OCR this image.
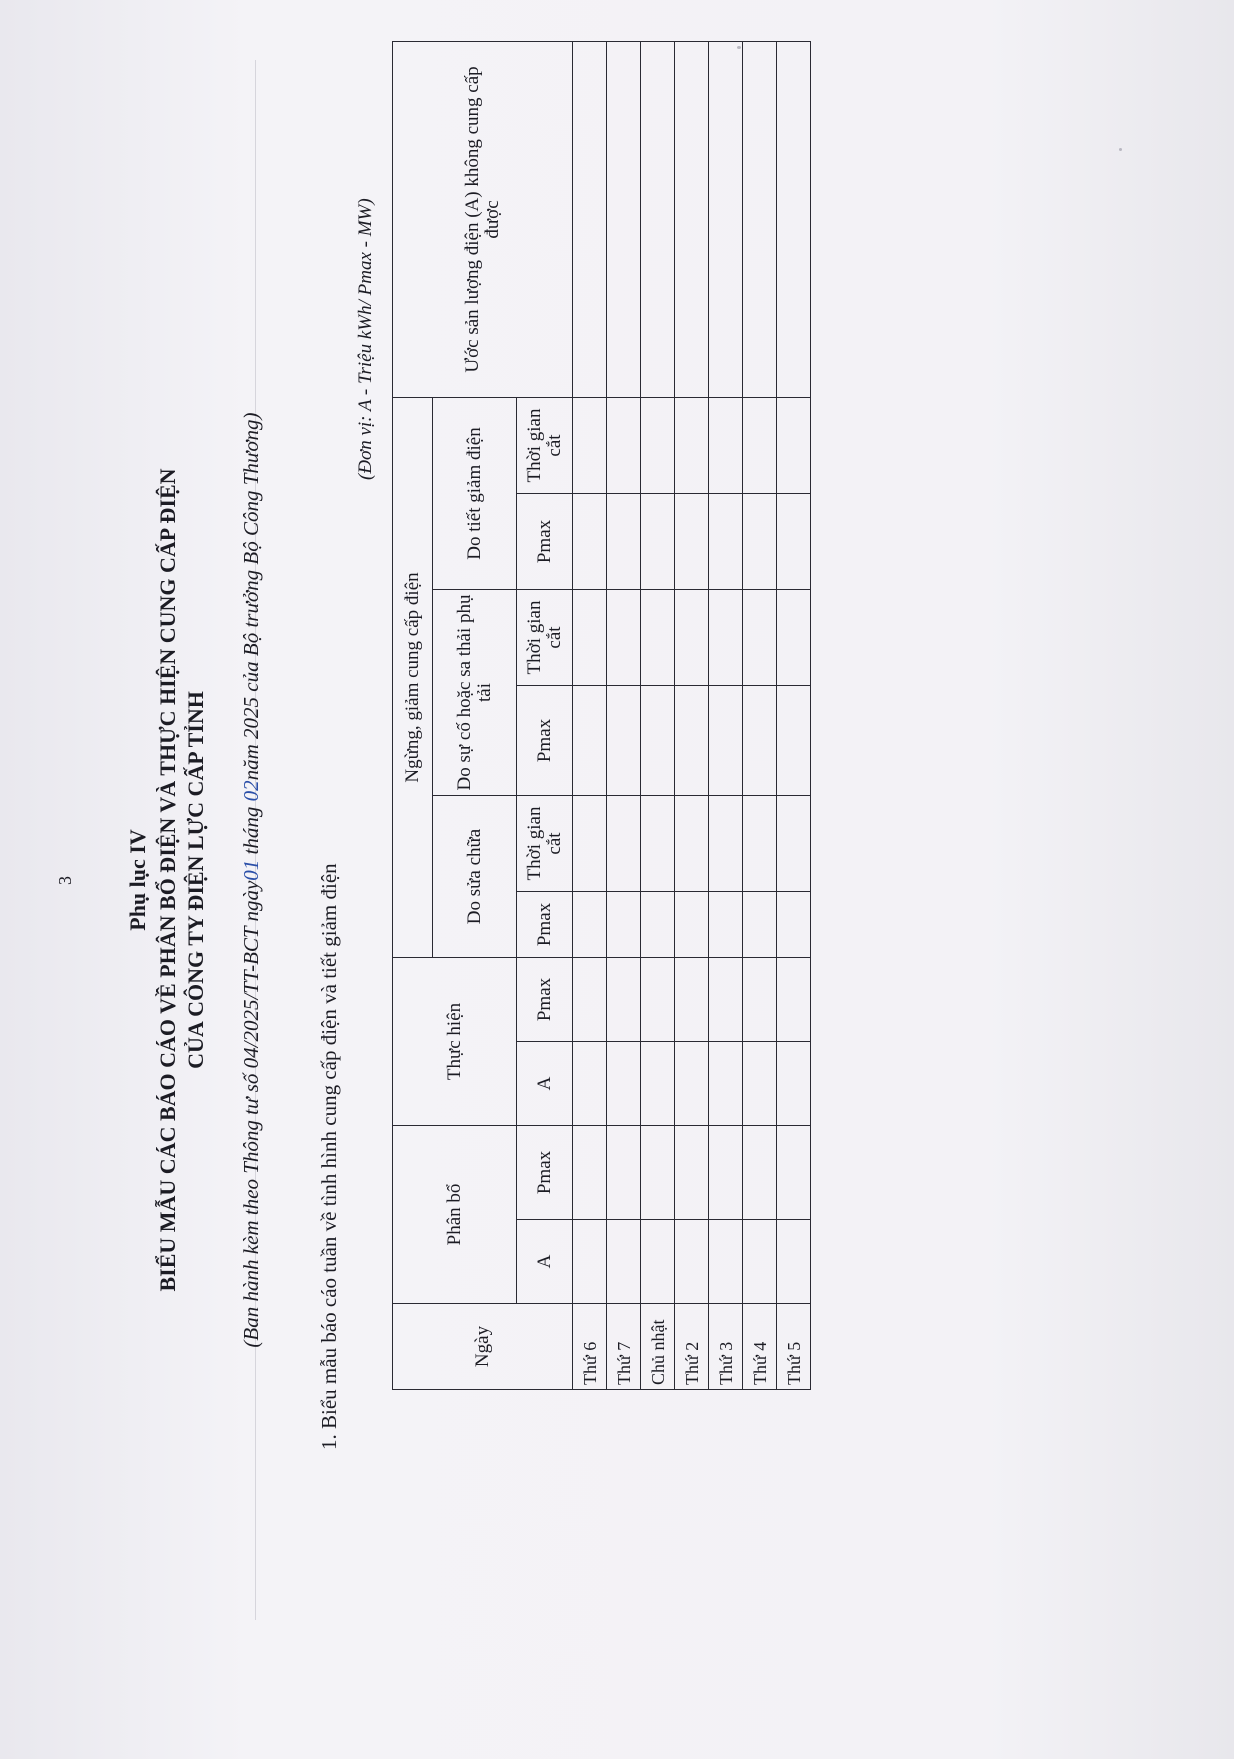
3 Phụ lục IV BIỂU MẪU CÁC BÁO CÁO VỀ PHÂN BỔ ĐIỆN VÀ THỰC HIỆN CUNG CẤP ĐIỆN CỦA CÔNG TY ĐIỆN LỰC CẤP TỈNH
(Ban hành kèm theo Thông tư số 04/2025/TT-BCT ngày01 tháng 02năm 2025 của Bộ trưởng Bộ Công Thương)
1. Biểu mẫu báo cáo tuần về tình hình cung cấp điện và tiết giảm điện
(Đơn vị: A - Triệu kWh/ Pmax - MW)
Ngày	Phân bổ		Thực hiện		Ngừng, giảm cung cấp điện						Ước sản lượng điện (A) không cung cấp được
					Do sửa chữa		Do sự cố hoặc sa thải phụ tải		Do tiết giảm điện		
	A	Pmax	A	Pmax	Pmax	Thời gian cắt	Pmax	Thời gian cắt	Pmax	Thời gian cắt	
Thứ 6											
Thứ 7											
Chủ nhật											
Thứ 2											
Thứ 3											
Thứ 4											
Thứ 5											
